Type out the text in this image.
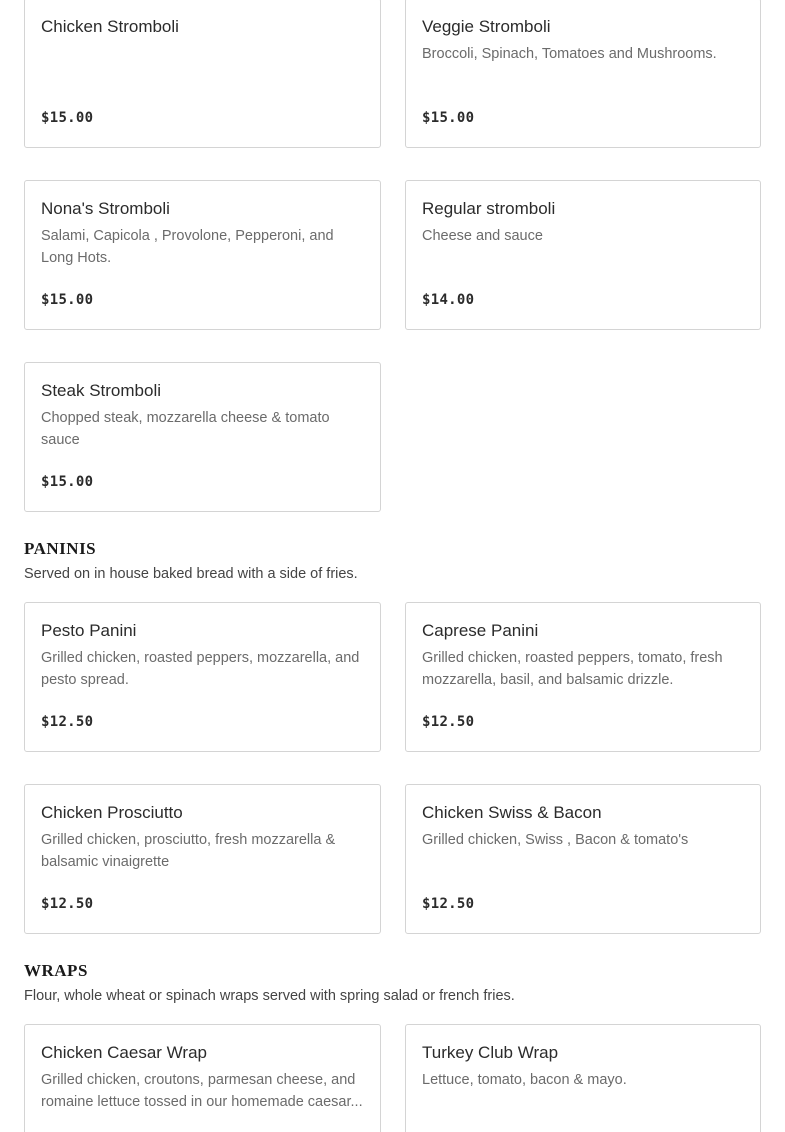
Chicken Stromboli
$15.00
Veggie Stromboli
Broccoli, Spinach, Tomatoes and Mushrooms.
$15.00
Nona's Stromboli
Salami, Capicola , Provolone, Pepperoni, and Long Hots.
$15.00
Regular stromboli
Cheese and sauce
$14.00
Steak Stromboli
Chopped steak, mozzarella cheese & tomato sauce
$15.00
PANINIS
Served on in house baked bread with a side of fries.
Pesto Panini
Grilled chicken, roasted peppers, mozzarella, and pesto spread.
$12.50
Caprese Panini
Grilled chicken, roasted peppers, tomato, fresh mozzarella, basil, and balsamic drizzle.
$12.50
Chicken Prosciutto
Grilled chicken, prosciutto, fresh mozzarella & balsamic vinaigrette
$12.50
Chicken Swiss & Bacon
Grilled chicken, Swiss , Bacon & tomato's
$12.50
WRAPS
Flour, whole wheat or spinach wraps served with spring salad or french fries.
Chicken Caesar Wrap
Grilled chicken, croutons, parmesan cheese, and romaine lettuce tossed in our homemade caesar...
Turkey Club Wrap
Lettuce, tomato, bacon & mayo.
